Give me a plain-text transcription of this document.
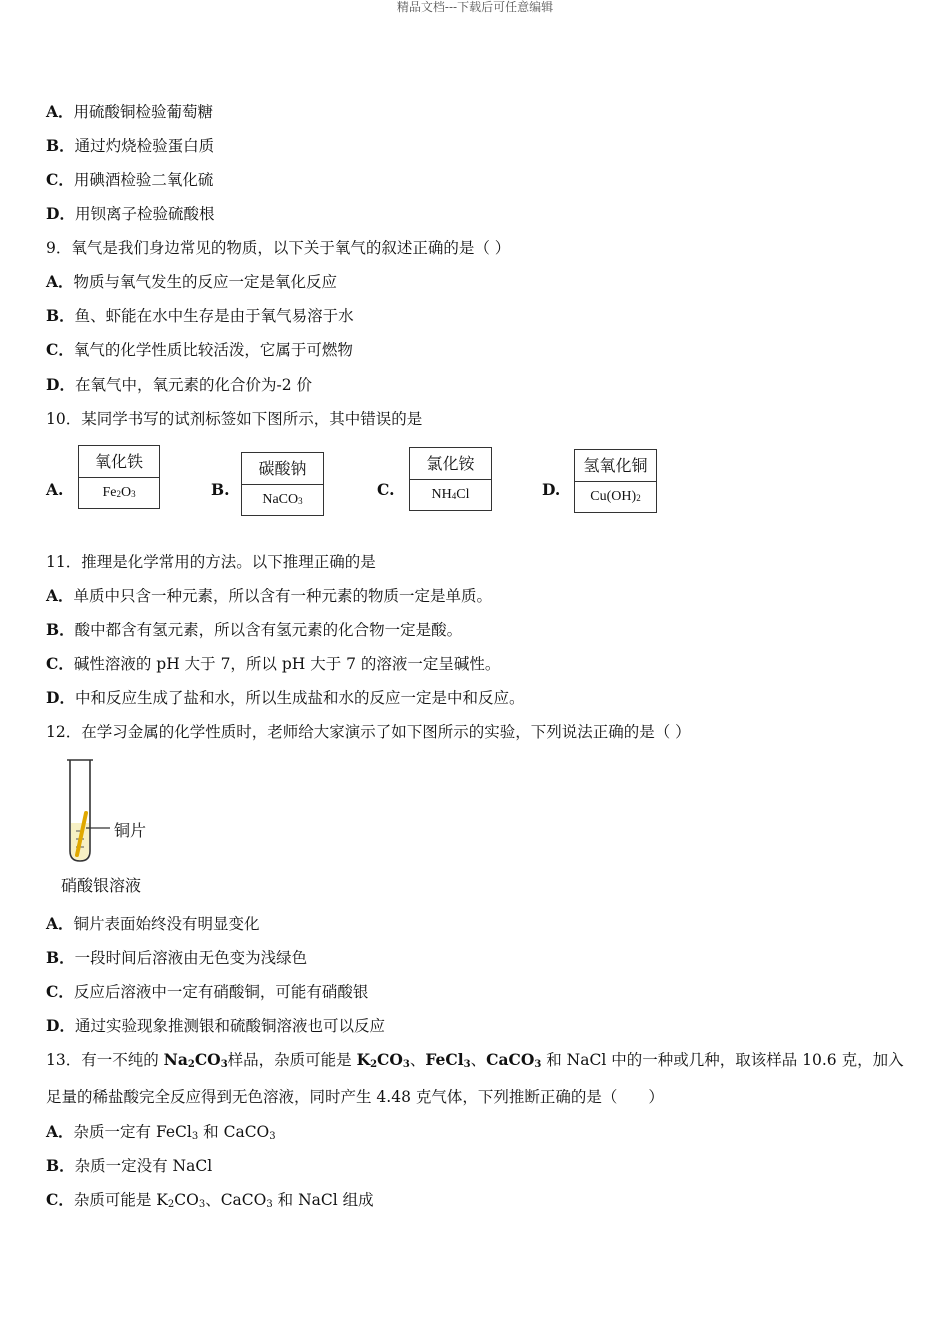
精品文档---下载后可任意编辑
A．用硫酸铜检验葡萄糖
B．通过灼烧检验蛋白质
C．用碘酒检验二氧化硫
D．用钡离子检验硫酸根
9．氧气是我们身边常见的物质，以下关于氧气的叙述正确的是（ ）
A．物质与氧气发生的反应一定是氧化反应
B．鱼、虾能在水中生存是由于氧气易溶于水
C．氧气的化学性质比较活泼，它属于可燃物
D．在氧气中，氧元素的化合价为-2 价
10．某同学书写的试剂标签如下图所示，其中错误的是
A.
氧化铁
$Fe_2O_3$	B.
碳酸钠
NaCO$_3$
C.
氯化铵
$NH_4Cl$	D.
氢氧化铜
$Cu(OH)_2$
11．推理是化学常用的方法。以下推理正确的是
A．单质中只含一种元素，所以含有一种元素的物质一定是单质。
B．酸中都含有氢元素，所以含有氢元素的化合物一定是酸。
C．碱性溶液的 pH 大于 7，所以 pH 大于 7 的溶液一定呈碱性。
D．中和反应生成了盐和水，所以生成盐和水的反应一定是中和反应。
12．在学习金属的化学性质时，老师给大家演示了如下图所示的实验，下列说法正确的是（ ）
铜片
硝酸银溶液
A．铜片表面始终没有明显变化
B．一段时间后溶液由无色变为浅绿色
C．反应后溶液中一定有硝酸铜，可能有硝酸银
D．通过实验现象推测银和硫酸铜溶液也可以反应
13．有一不纯的 $Na_2CO_3$样品，杂质可能是 $K_2CO_3$、FeCl$_3$、CaCO$_3$ 和 NaCl 中的一种或几种，取该样品 10.6 克，加入
足量的稀盐酸完全反应得到无色溶液，同时产生 4.48 克气体，下列推断正确的是（　　）
A．杂质一定有 FeCl$_3$ 和 CaCO$_3$
B．杂质一定没有 NaCl
C．杂质可能是 $K_2CO_3$、CaCO$_3$ 和 NaCl 组成
